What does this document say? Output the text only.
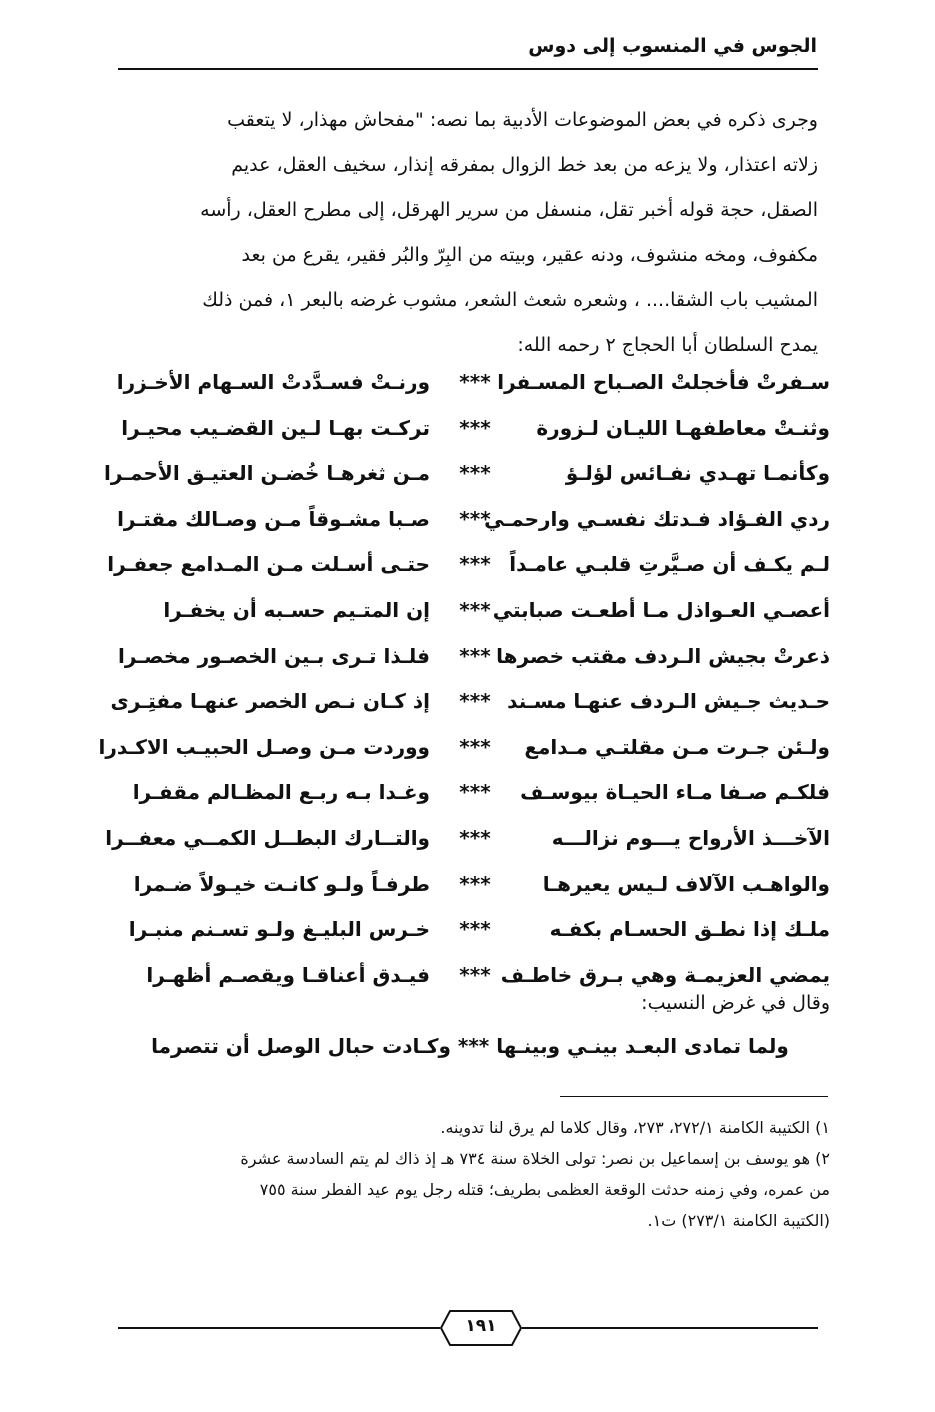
الجوس في المنسوب إلى دوس
وجرى ذكره في بعض الموضوعات الأدبية بما نصه: "مفحاش مهذار، لا يتعقب
زلاته اعتذار، ولا يزعه من بعد خط الزوال بمفرقه إنذار، سخيف العقل، عديم
الصقل، حجة قوله أخبر تقل، منسفل من سرير الهرقل، إلى مطرح العقل، رأسه
مكفوف، ومخه منشوف، ودنه عقير، وبيته من البِرّ والبُر فقير، يقرع من بعد
المشيب باب الشقا.... ، وشعره شعث الشعر، مشوب غرضه بالبعر ١، فمن ذلك
يمدح السلطان أبا الحجاج ٢ رحمه الله:
سـفرتْ فأخجلتْ الصـباح المسـفرا
***
ورنـتْ فسـدَّدتْ السـهام الأخـزرا
وثنـتْ معاطفهـا الليـان لـزورة
***
تركـت بهـا لـين القضـيب محيـرا
وكأنمـا تهـدي نفـائس لؤلـؤ
***
مـن ثغرهـا خُضـن العتيـق الأحمـرا
ردي الفـؤاد فـدتك نفسـي وارحمـي
***
صـبا مشـوقاً مـن وصـالك مقتـرا
لـم يكـف أن صـيَّرتِ قلبـي عامـداً
***
حتـى أسـلت مـن المـدامع جعفـرا
أعصـي العـواذل مـا أطعـت صبابتي
***
إن المتـيم حسـبه أن يخفـرا
ذعرتْ بجيش الـردف مقتب خصرها
***
فلـذا تـرى بـين الخصـور مخصـرا
حـديث جـيش الـردف عنهـا مسـند
***
إذ كـان نـص الخصر عنهـا مفتِـرى
ولـئن جـرت مـن مقلتـي مـدامع
***
ووردت مـن وصـل الحبيـب الاكـدرا
فلكـم صـفا مـاء الحيـاة بيوسـف
***
وغـدا بـه ربـع المظـالم مقفـرا
الآخـــذ الأرواح يـــوم نزالـــه
***
والتــارك البطــل الكمــي معفــرا
والواهـب الآلاف لـيس يعيرهـا
***
طرفـاً ولـو كانـت خيـولاً ضـمرا
ملـك إذا نطـق الحسـام بكفـه
***
خـرس البليـغ ولـو تسـنم منبـرا
يمضي العزيمـة وهي بـرق خاطـف
***
فيـدق أعناقـا ويقصـم أظهـرا
وقال في غرض النسيب:
ولما تمادى البعـد بينـي وبينـها *** وكـادت حبال الوصل أن تتصرما
١) الكتيبة الكامنة ٢٧٢/١، ٢٧٣، وقال كلاما لم يرق لنا تدوينه.
٢) هو يوسف بن إسماعيل بن نصر: تولى الخلاة سنة ٧٣٤ هـ إذ ذاك لم يتم السادسة عشرة
من عمره، وفي زمنه حدثت الوقعة العظمى بطريف؛ قتله رجل يوم عيد الفطر سنة ٧٥٥
(الكتيبة الكامنة ٢٧٣/١) ت١.
١٩١
